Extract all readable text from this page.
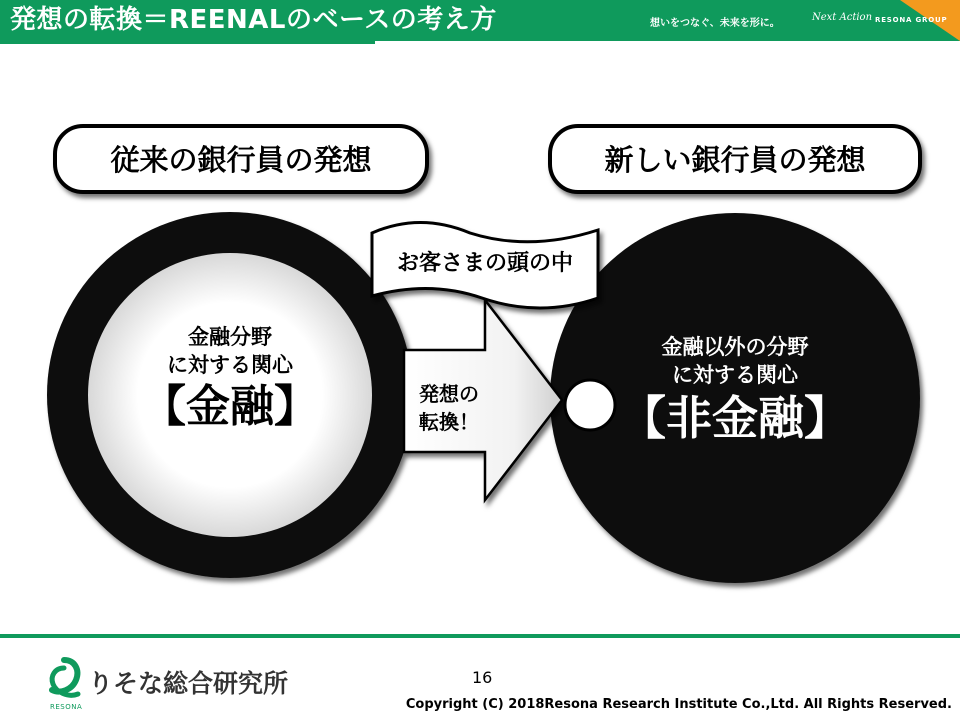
発想の転換＝REENALのベースの考え方	想いをつなぐ、未来を形に。
Next Action RESONA GROUP
従来の銀行員の発想	新しい銀行員の発想
お客さまの頭の中
発想の
転換！
金融分野
に対する関心
【金融】
金融以外の分野
に対する関心
【非金融】
りそな総合研究所
RESONA
16
Copyright (C) 2018Resona Research Institute Co.,Ltd. All Rights Reserved.
